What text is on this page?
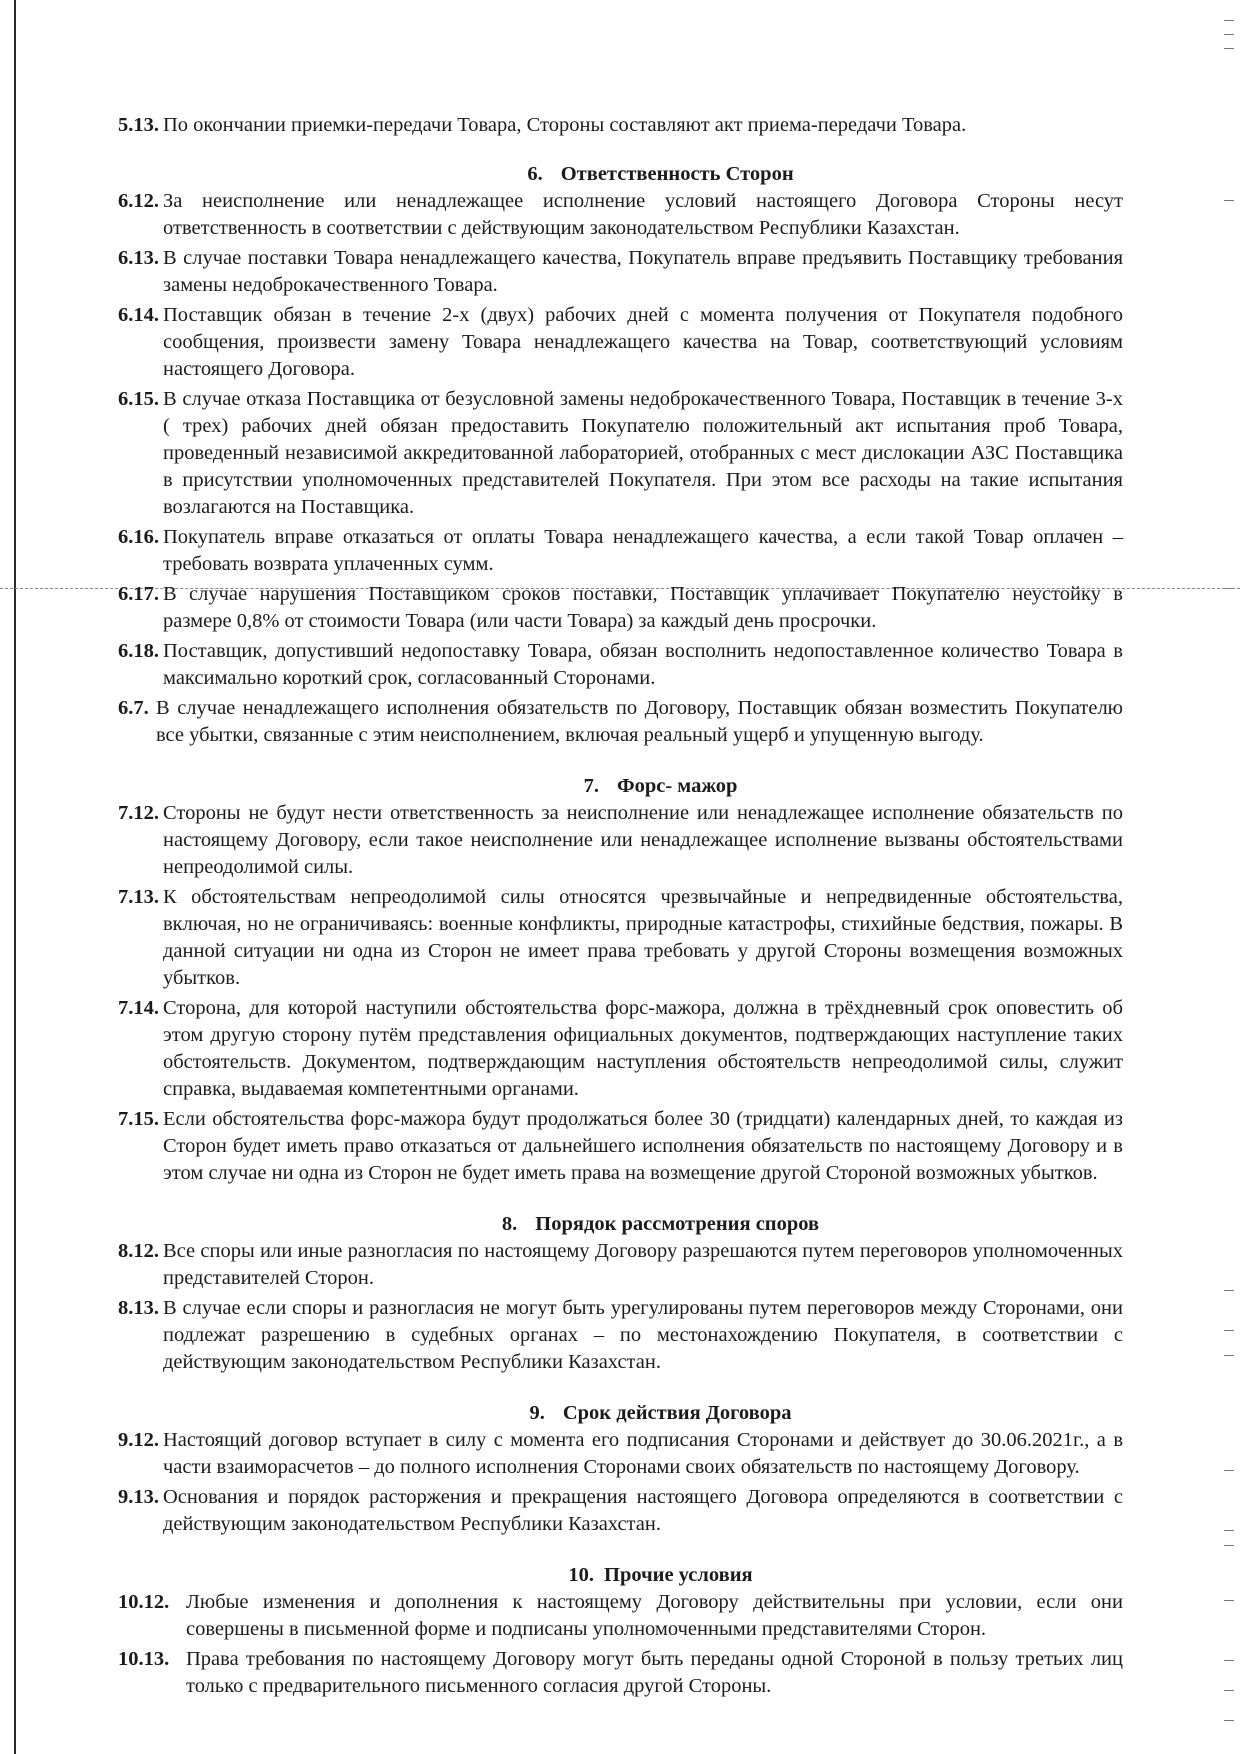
5.13. По окончании приемки-передачи Товара, Стороны составляют акт приема-передачи Товара.

6. Ответственность Сторон

6.12. За неисполнение или ненадлежащее исполнение условий настоящего Договора Стороны несут ответственность в соответствии с действующим законодательством Республики Казахстан.
6.13. В случае поставки Товара ненадлежащего качества, Покупатель вправе предъявить Поставщику требования замены недоброкачественного Товара.
6.14. Поставщик обязан в течение 2-х (двух) рабочих дней с момента получения от Покупателя подобного сообщения, произвести замену Товара ненадлежащего качества на Товар, соответствующий условиям настоящего Договора.
6.15. В случае отказа Поставщика от безусловной замены недоброкачественного Товара, Поставщик в течение 3-х ( трех) рабочих дней обязан предоставить Покупателю положительный акт испытания проб Товара, проведенный независимой аккредитованной лабораторией, отобранных с мест дислокации АЗС Поставщика в присутствии уполномоченных представителей Покупателя. При этом все расходы на такие испытания возлагаются на Поставщика.
6.16. Покупатель вправе отказаться от оплаты Товара ненадлежащего качества, а если такой Товар оплачен – требовать возврата уплаченных сумм.
6.17. В случае нарушения Поставщиком сроков поставки, Поставщик уплачивает Покупателю неустойку в размере 0,8% от стоимости Товара (или части Товара) за каждый день просрочки.
6.18. Поставщик, допустивший недопоставку Товара, обязан восполнить недопоставленное количество Товара в максимально короткий срок, согласованный Сторонами.
6.7. В случае ненадлежащего исполнения обязательств по Договору, Поставщик обязан возместить Покупателю все убытки, связанные с этим неисполнением, включая реальный ущерб и упущенную выгоду.

7. Форс- мажор

7.12. Стороны не будут нести ответственность за неисполнение или ненадлежащее исполнение обязательств по настоящему Договору, если такое неисполнение или ненадлежащее исполнение вызваны обстоятельствами непреодолимой силы.
7.13. К обстоятельствам непреодолимой силы относятся чрезвычайные и непредвиденные обстоятельства, включая, но не ограничиваясь: военные конфликты, природные катастрофы, стихийные бедствия, пожары. В данной ситуации ни одна из Сторон не имеет права требовать у другой Стороны возмещения возможных убытков.
7.14. Сторона, для которой наступили обстоятельства форс-мажора, должна в трёхдневный срок оповестить об этом другую сторону путём представления официальных документов, подтверждающих наступление таких обстоятельств. Документом, подтверждающим наступления обстоятельств непреодолимой силы, служит справка, выдаваемая компетентными органами.
7.15. Если обстоятельства форс-мажора будут продолжаться более 30 (тридцати) календарных дней, то каждая из Сторон будет иметь право отказаться от дальнейшего исполнения обязательств по настоящему Договору и в этом случае ни одна из Сторон не будет иметь права на возмещение другой Стороной возможных убытков.

8. Порядок рассмотрения споров

8.12. Все споры или иные разногласия по настоящему Договору разрешаются путем переговоров уполномоченных представителей Сторон.
8.13. В случае если споры и разногласия не могут быть урегулированы путем переговоров между Сторонами, они подлежат разрешению в судебных органах – по местонахождению Покупателя, в соответствии с действующим законодательством Республики Казахстан.

9. Срок действия Договора

9.12. Настоящий договор вступает в силу с момента его подписания Сторонами и действует до 30.06.2021г., а в части взаиморасчетов – до полного исполнения Сторонами своих обязательств по настоящему Договору.
9.13. Основания и порядок расторжения и прекращения настоящего Договора определяются в соответствии с действующим законодательством Республики Казахстан.

10. Прочие условия

10.12. Любые изменения и дополнения к настоящему Договору действительны при условии, если они совершены в письменной форме и подписаны уполномоченными представителями Сторон.
10.13. Права требования по настоящему Договору могут быть переданы одной Стороной в пользу третьих лиц только с предварительного письменного согласия другой Стороны.
